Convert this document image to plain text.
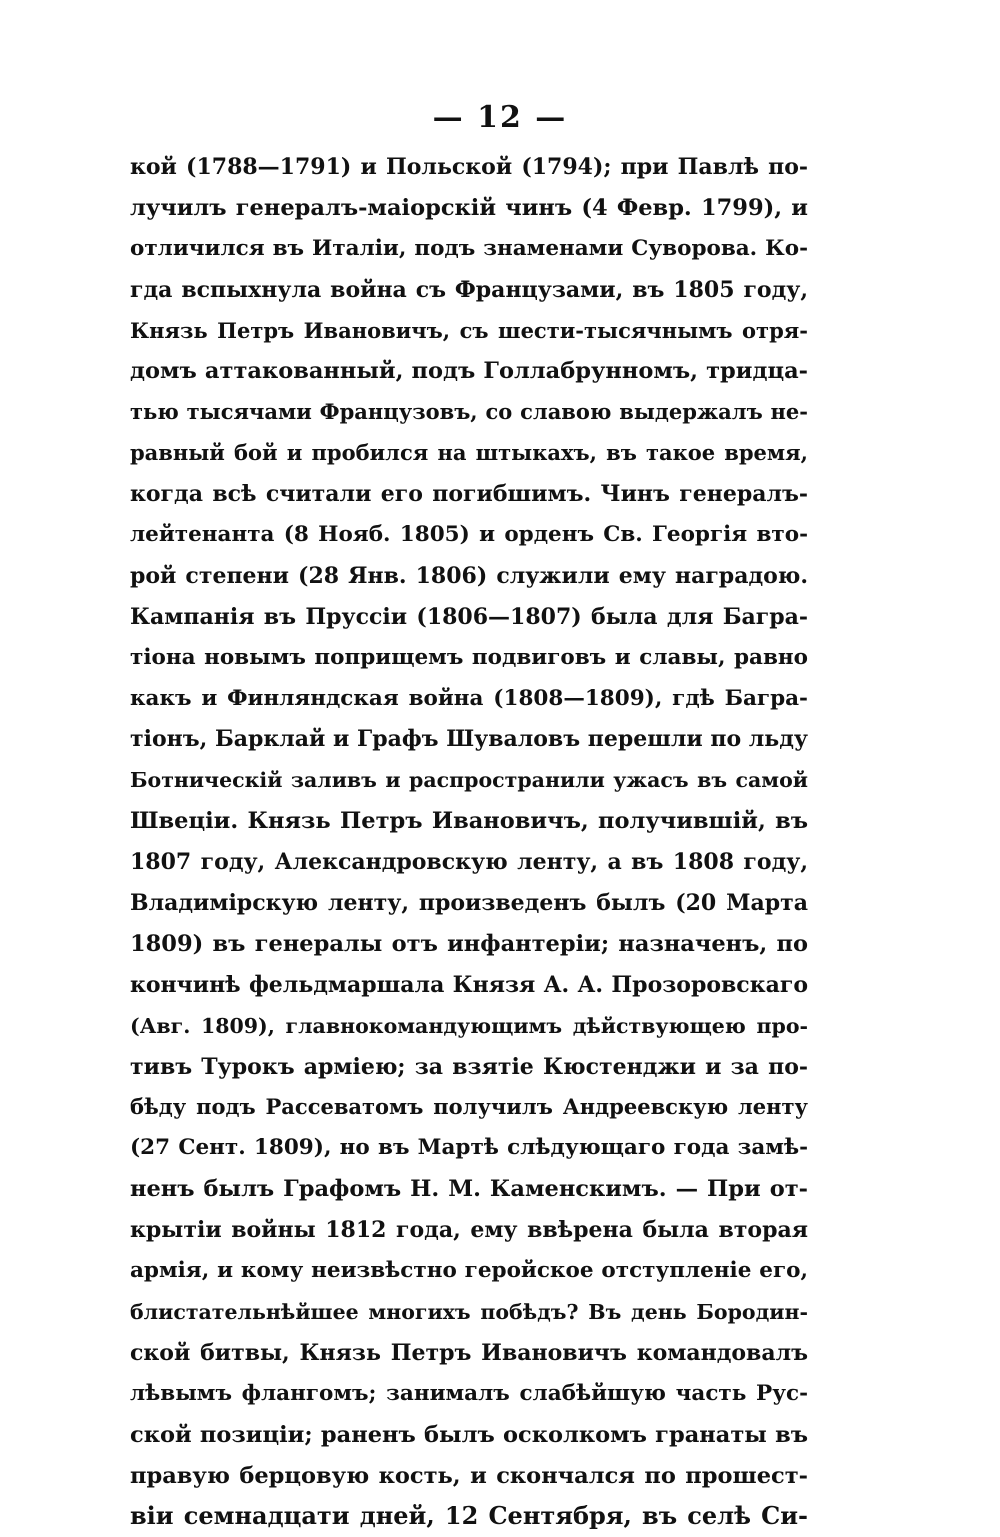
— 12 —
кой (1788—1791) и Польской (1794); при Павлѣ по-
лучилъ генералъ-маіорскій чинъ (4 Февр. 1799), и
отличился въ Италіи, подъ знаменами Суворова. Ко-
гда вспыхнула война съ Французами, въ 1805 году,
Князь Петръ Ивановичъ, съ шести-тысячнымъ отря-
домъ аттакованный, подъ Голлабрунномъ, тридца-
тью тысячами Французовъ, со славою выдержалъ не-
равный бой и пробился на штыкахъ, въ такое время,
когда всѣ считали его погибшимъ. Чинъ генералъ-
лейтенанта (8 Нояб. 1805) и орденъ Св. Георгія вто-
рой степени (28 Янв. 1806) служили ему наградою.
Кампанія въ Пруссіи (1806—1807) была для Багра-
тіона новымъ поприщемъ подвиговъ и славы, равно
какъ и Финляндская война (1808—1809), гдѣ Багра-
тіонъ, Барклай и Графъ Шуваловъ перешли по льду
Ботническій заливъ и распространили ужасъ въ самой
Швеціи. Князь Петръ Ивановичъ, получившій, въ
1807 году, Александровскую ленту, а въ 1808 году,
Владимірскую ленту, произведенъ былъ (20 Марта
1809) въ генералы отъ инфантеріи; назначенъ, по
кончинѣ фельдмаршала Князя А. А. Прозоровскаго
(Авг. 1809), главнокомандующимъ дѣйствующею про-
тивъ Турокъ арміею; за взятіе Кюстенджи и за по-
бѣду подъ Рассеватомъ получилъ Андреевскую ленту
(27 Сент. 1809), но въ Мартѣ слѣдующаго года замѣ-
ненъ былъ Графомъ Н. М. Каменскимъ. — При от-
крытіи войны 1812 года, ему ввѣрена была вторая
армія, и кому неизвѣстно геройское отступленіе его,
блистательнѣйшее многихъ побѣдъ? Въ день Бородин-
ской битвы, Князь Петръ Ивановичъ командовалъ
лѣвымъ флангомъ; занималъ слабѣйшую часть Рус-
ской позиціи; раненъ былъ осколкомъ гранаты въ
правую берцовую кость, и скончался по прошест-
віи семнадцати дней, 12 Сентября, въ селѣ Си-
